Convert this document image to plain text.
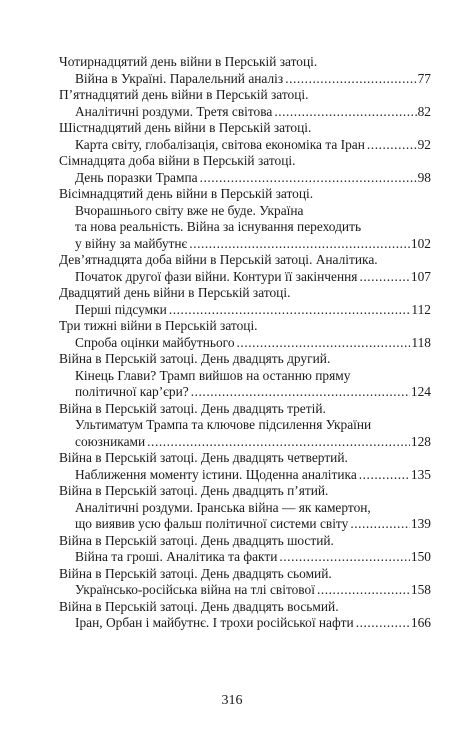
Чотирнадцятий день війни в Перській затоці.
Війна в Україні. Паралельний аналіз . . .	77
П’ятнадцятий день війни в Перській затоці.
Аналітичні роздуми. Третя світова . . .	82
Шістнадцятий день війни в Перській затоці.
Карта світу, глобалізація, світова економіка та Іран . . .	92
Сімнадцята доба війни в Перській затоці.
День поразки Трампа . . .	98
Вісімнадцятий день війни в Перській затоці.
Вчорашнього світу вже не буде. Україна
та нова реальність. Війна за існування переходить
у війну за майбутнє . . .	102
Дев’ятнадцята доба війни в Перській затоці. Аналітика.
Початок другої фази війни. Контури її закінчення . . .	107
Двадцятий день війни в Перській затоці.
Перші підсумки . . .	112
Три тижні війни в Перській затоці.
Спроба оцінки майбутнього . . .	118
Війна в Перській затоці. День двадцять другий.
Кінець Глави? Трамп вийшов на останню пряму
політичної кар’єри? . . .	124
Війна в Перській затоці. День двадцять третій.
Ультиматум Трампа та ключове підсилення України
союзниками . . .	128
Війна в Перській затоці. День двадцять четвертий.
Наближення моменту істини. Щоденна аналітика . . .	135
Війна в Перській затоці. День двадцять п’ятий.
Аналітичні роздуми. Іранська війна — як камертон,
що виявив усю фальш політичної системи світу . . .	139
Війна в Перській затоці. День двадцять шостий.
Війна та гроші. Аналітика та факти . . .	150
Війна в Перській затоці. День двадцять сьомий.
Українсько-російська війна на тлі світової . . .	158
Війна в Перській затоці. День двадцять восьмий.
Іран, Орбан і майбутнє. І трохи російської нафти . . .	166
316
